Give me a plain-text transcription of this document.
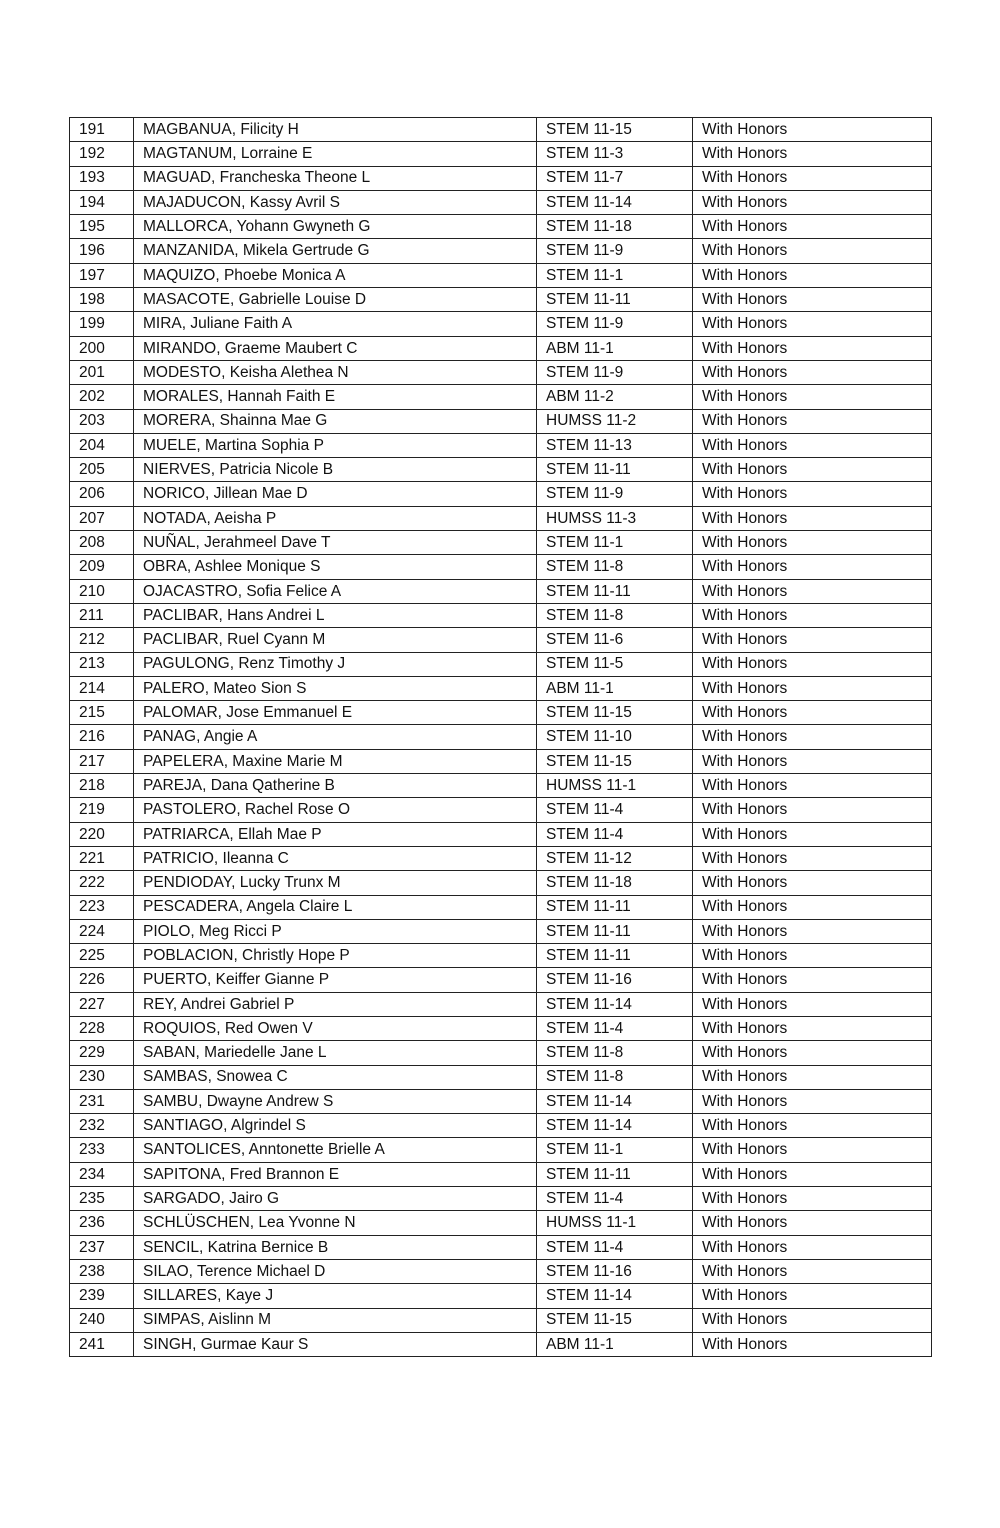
191	MAGBANUA, Filicity H	STEM 11-15	With Honors
192	MAGTANUM, Lorraine E	STEM 11-3	With Honors
193	MAGUAD, Francheska Theone L	STEM 11-7	With Honors
194	MAJADUCON, Kassy Avril S	STEM 11-14	With Honors
195	MALLORCA, Yohann Gwyneth G	STEM 11-18	With Honors
196	MANZANIDA, Mikela Gertrude G	STEM 11-9	With Honors
197	MAQUIZO, Phoebe Monica A	STEM 11-1	With Honors
198	MASACOTE, Gabrielle Louise D	STEM 11-11	With Honors
199	MIRA, Juliane Faith A	STEM 11-9	With Honors
200	MIRANDO, Graeme Maubert C	ABM 11-1	With Honors
201	MODESTO, Keisha Alethea N	STEM 11-9	With Honors
202	MORALES, Hannah Faith E	ABM 11-2	With Honors
203	MORERA, Shainna Mae G	HUMSS 11-2	With Honors
204	MUELE, Martina Sophia P	STEM 11-13	With Honors
205	NIERVES, Patricia Nicole B	STEM 11-11	With Honors
206	NORICO, Jillean Mae D	STEM 11-9	With Honors
207	NOTADA, Aeisha P	HUMSS 11-3	With Honors
208	NUÑAL, Jerahmeel Dave T	STEM 11-1	With Honors
209	OBRA, Ashlee Monique S	STEM 11-8	With Honors
210	OJACASTRO, Sofia Felice A	STEM 11-11	With Honors
211	PACLIBAR, Hans Andrei L	STEM 11-8	With Honors
212	PACLIBAR, Ruel Cyann M	STEM 11-6	With Honors
213	PAGULONG, Renz Timothy J	STEM 11-5	With Honors
214	PALERO, Mateo Sion S	ABM 11-1	With Honors
215	PALOMAR, Jose Emmanuel E	STEM 11-15	With Honors
216	PANAG, Angie A	STEM 11-10	With Honors
217	PAPELERA, Maxine Marie M	STEM 11-15	With Honors
218	PAREJA, Dana Qatherine B	HUMSS 11-1	With Honors
219	PASTOLERO, Rachel Rose O	STEM 11-4	With Honors
220	PATRIARCA, Ellah Mae P	STEM 11-4	With Honors
221	PATRICIO, Ileanna C	STEM 11-12	With Honors
222	PENDIODAY, Lucky Trunx M	STEM 11-18	With Honors
223	PESCADERA, Angela Claire L	STEM 11-11	With Honors
224	PIOLO, Meg Ricci P	STEM 11-11	With Honors
225	POBLACION, Christly Hope P	STEM 11-11	With Honors
226	PUERTO, Keiffer Gianne P	STEM 11-16	With Honors
227	REY, Andrei Gabriel P	STEM 11-14	With Honors
228	ROQUIOS, Red Owen V	STEM 11-4	With Honors
229	SABAN, Mariedelle Jane L	STEM 11-8	With Honors
230	SAMBAS, Snowea C	STEM 11-8	With Honors
231	SAMBU, Dwayne Andrew S	STEM 11-14	With Honors
232	SANTIAGO, Algrindel S	STEM 11-14	With Honors
233	SANTOLICES, Anntonette Brielle A	STEM 11-1	With Honors
234	SAPITONA, Fred Brannon E	STEM 11-11	With Honors
235	SARGADO, Jairo G	STEM 11-4	With Honors
236	SCHLÜSCHEN, Lea Yvonne N	HUMSS 11-1	With Honors
237	SENCIL, Katrina Bernice B	STEM 11-4	With Honors
238	SILAO, Terence Michael D	STEM 11-16	With Honors
239	SILLARES, Kaye J	STEM 11-14	With Honors
240	SIMPAS, Aislinn M	STEM 11-15	With Honors
241	SINGH, Gurmae Kaur S	ABM 11-1	With Honors
